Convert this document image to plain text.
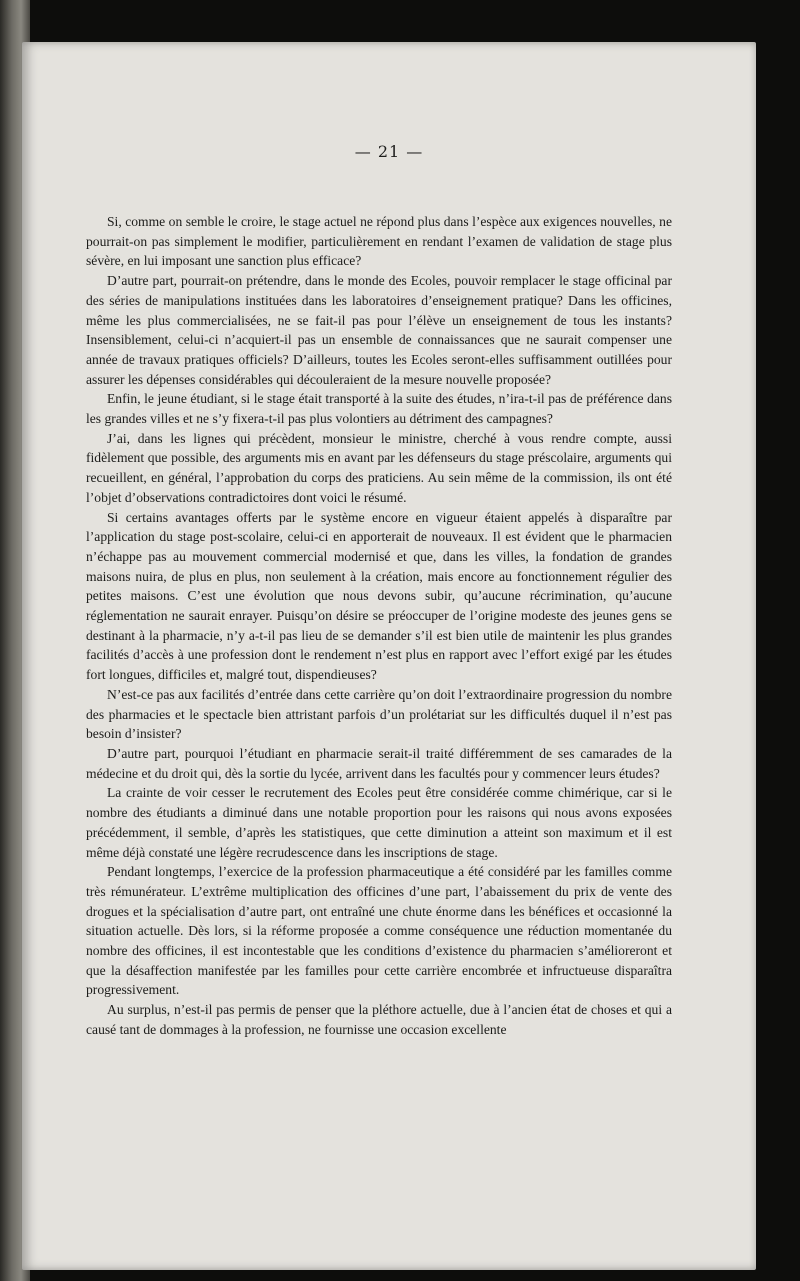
— 21 —

Si, comme on semble le croire, le stage actuel ne répond plus dans l’espèce aux exigences nouvelles, ne pourrait-on pas simplement le modifier, particulièrement en rendant l’examen de validation de stage plus sévère, en lui imposant une sanction plus efficace?

D’autre part, pourrait-on prétendre, dans le monde des Ecoles, pouvoir remplacer le stage officinal par des séries de manipulations instituées dans les laboratoires d’enseignement pratique? Dans les officines, même les plus commercialisées, ne se fait-il pas pour l’élève un enseignement de tous les instants? Insensiblement, celui-ci n’acquiert-il pas un ensemble de connaissances que ne saurait compenser une année de travaux pratiques officiels? D’ailleurs, toutes les Ecoles seront-elles suffisamment outillées pour assurer les dépenses considérables qui découleraient de la mesure nouvelle proposée?

Enfin, le jeune étudiant, si le stage était transporté à la suite des études, n’ira-t-il pas de préférence dans les grandes villes et ne s’y fixera-t-il pas plus volontiers au détriment des campagnes?

J’ai, dans les lignes qui précèdent, monsieur le ministre, cherché à vous rendre compte, aussi fidèlement que possible, des arguments mis en avant par les défenseurs du stage préscolaire, arguments qui recueillent, en général, l’approbation du corps des praticiens. Au sein même de la commission, ils ont été l’objet d’observations contradictoires dont voici le résumé.

Si certains avantages offerts par le système encore en vigueur étaient appelés à disparaître par l’application du stage post-scolaire, celui-ci en apporterait de nouveaux. Il est évident que le pharmacien n’échappe pas au mouvement commercial modernisé et que, dans les villes, la fondation de grandes maisons nuira, de plus en plus, non seulement à la création, mais encore au fonctionnement régulier des petites maisons. C’est une évolution que nous devons subir, qu’aucune récrimination, qu’aucune réglementation ne saurait enrayer. Puisqu’on désire se préoccuper de l’origine modeste des jeunes gens se destinant à la pharmacie, n’y a-t-il pas lieu de se demander s’il est bien utile de maintenir les plus grandes facilités d’accès à une profession dont le rendement n’est plus en rapport avec l’effort exigé par les études fort longues, difficiles et, malgré tout, dispendieuses?

N’est-ce pas aux facilités d’entrée dans cette carrière qu’on doit l’extraordinaire progression du nombre des pharmacies et le spectacle bien attristant parfois d’un prolétariat sur les difficultés duquel il n’est pas besoin d’insister?

D’autre part, pourquoi l’étudiant en pharmacie serait-il traité différemment de ses camarades de la médecine et du droit qui, dès la sortie du lycée, arrivent dans les facultés pour y commencer leurs études?

La crainte de voir cesser le recrutement des Ecoles peut être considérée comme chimérique, car si le nombre des étudiants a diminué dans une notable proportion pour les raisons qui nous avons exposées précédemment, il semble, d’après les statistiques, que cette diminution a atteint son maximum et il est même déjà constaté une légère recrudescence dans les inscriptions de stage.

Pendant longtemps, l’exercice de la profession pharmaceutique a été considéré par les familles comme très rémunérateur. L’extrême multiplication des officines d’une part, l’abaissement du prix de vente des drogues et la spécialisation d’autre part, ont entraîné une chute énorme dans les bénéfices et occasionné la situation actuelle. Dès lors, si la réforme proposée a comme conséquence une réduction momentanée du nombre des officines, il est incontestable que les conditions d’existence du pharmacien s’amélioreront et que la désaffection manifestée par les familles pour cette carrière encombrée et infructueuse disparaîtra progressivement.

Au surplus, n’est-il pas permis de penser que la pléthore actuelle, due à l’ancien état de choses et qui a causé tant de dommages à la profession, ne fournisse une occasion excellente
